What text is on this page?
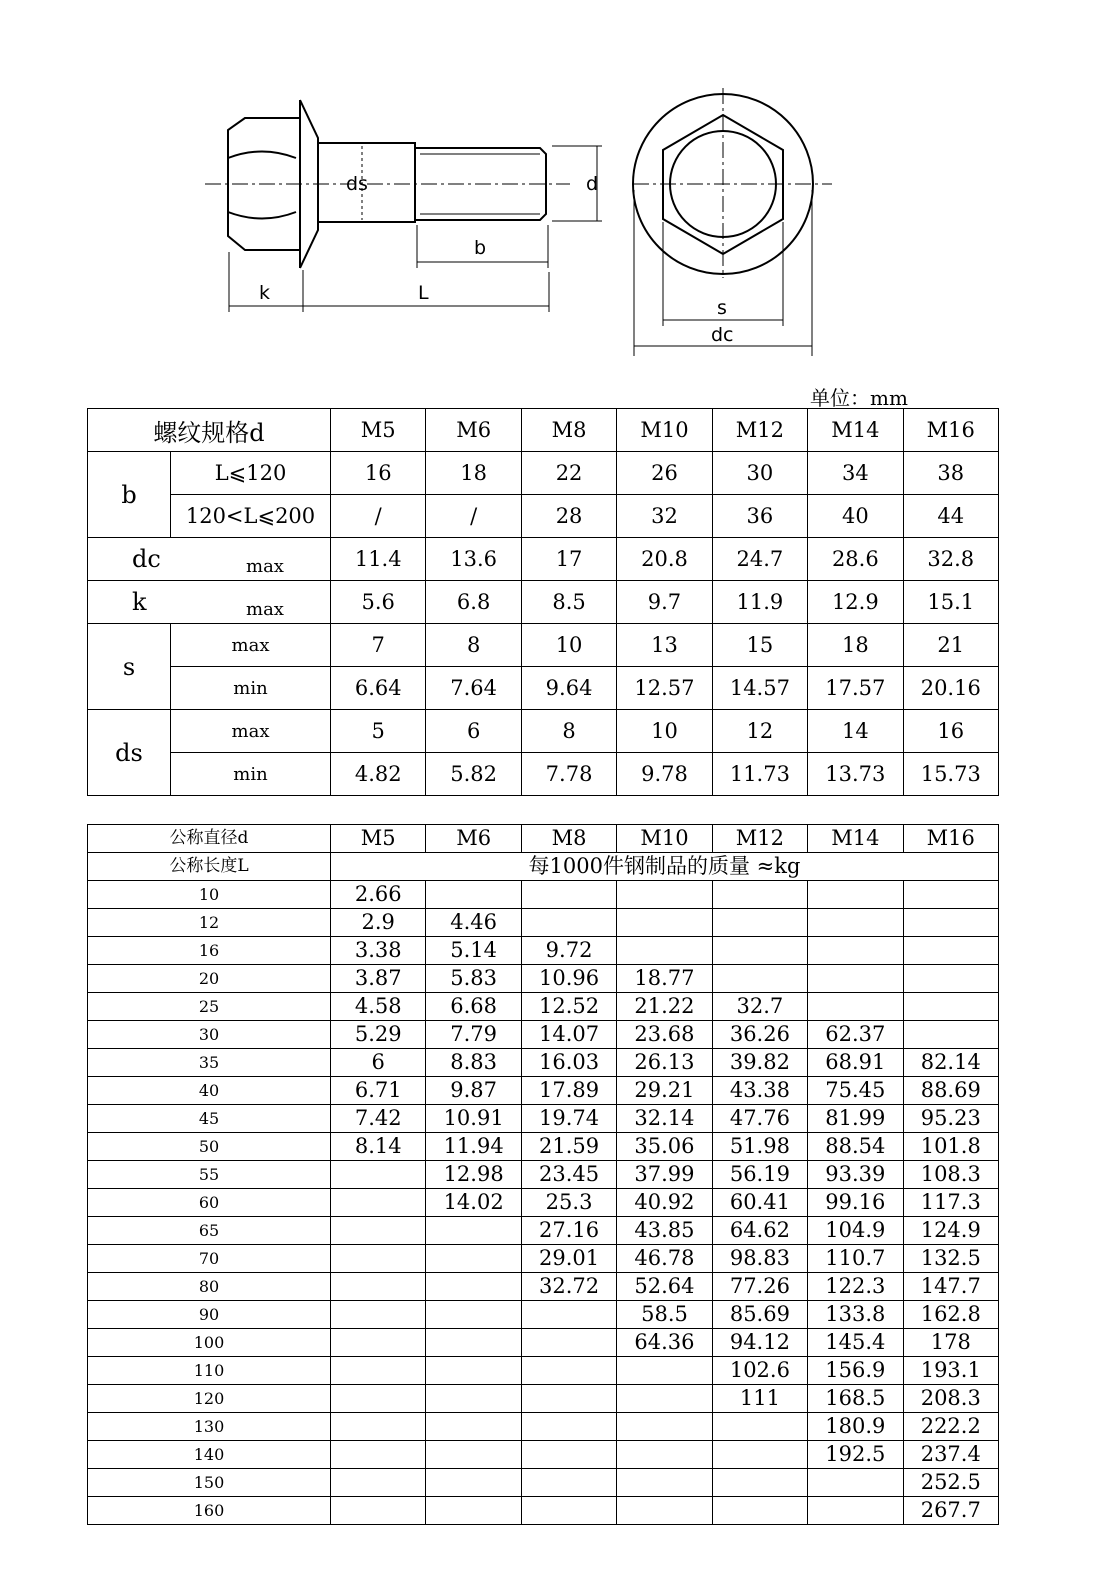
ds	d
b
k	L
s
dc
单位：mm
螺纹规格d		M5	M6	M8	M10	M12	M14	M16
b	L⩽120	16	18	22	26	30	34	38
	120<L⩽200	/	/	28	32	36	40	44
dc max		11.4	13.6	17	20.8	24.7	28.6	32.8
k max		5.6	6.8	8.5	9.7	11.9	12.9	15.1
s	max	7	8	10	13	15	18	21
	min	6.64	7.64	9.64	12.57	14.57	17.57	20.16
ds	max	5	6	8	10	12	14	16
	min	4.82	5.82	7.78	9.78	11.73	13.73	15.73
公称直径d	M5	M6	M8	M10	M12	M14	M16
公称长度L	每1000件钢制品的质量 ≈kg						
10	2.66						
12	2.9	4.46					
16	3.38	5.14	9.72				
20	3.87	5.83	10.96	18.77			
25	4.58	6.68	12.52	21.22	32.7		
30	5.29	7.79	14.07	23.68	36.26	62.37	
35	6	8.83	16.03	26.13	39.82	68.91	82.14
40	6.71	9.87	17.89	29.21	43.38	75.45	88.69
45	7.42	10.91	19.74	32.14	47.76	81.99	95.23
50	8.14	11.94	21.59	35.06	51.98	88.54	101.8
55		12.98	23.45	37.99	56.19	93.39	108.3
60		14.02	25.3	40.92	60.41	99.16	117.3
65			27.16	43.85	64.62	104.9	124.9
70			29.01	46.78	98.83	110.7	132.5
80			32.72	52.64	77.26	122.3	147.7
90				58.5	85.69	133.8	162.8
100				64.36	94.12	145.4	178
110					102.6	156.9	193.1
120					111	168.5	208.3
130						180.9	222.2
140						192.5	237.4
150							252.5
160							267.7
